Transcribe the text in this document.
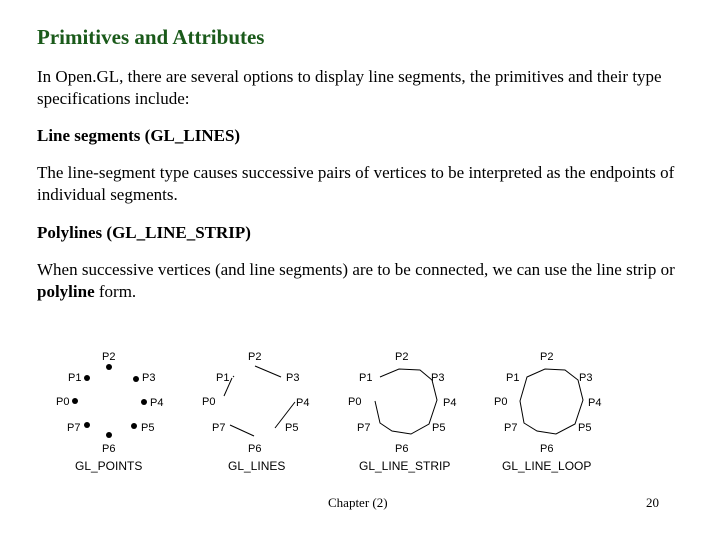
Primitives and Attributes
In Open.GL, there are several options to display line segments, the primitives and their type specifications include:
Line segments (GL_LINES)
The line-segment type causes successive pairs of vertices to be interpreted as the endpoints of individual segments.
Polylines (GL_LINE_STRIP)
When successive vertices (and line segments) are to be connected, we can use the line strip or polyline form.
P2
P1	P3
P0	P4
P7	P5
P6
GL_POINTS
P2
P1	P3
P0	P4
P7	P5
P6
GL_LINES
P2
P1	P3
P0	P4
P7	P5
P6
GL_LINE_STRIP
P2
P1	P3
P0	P4
P7	P5
P6
GL_LINE_LOOP
Chapter (2)	20
